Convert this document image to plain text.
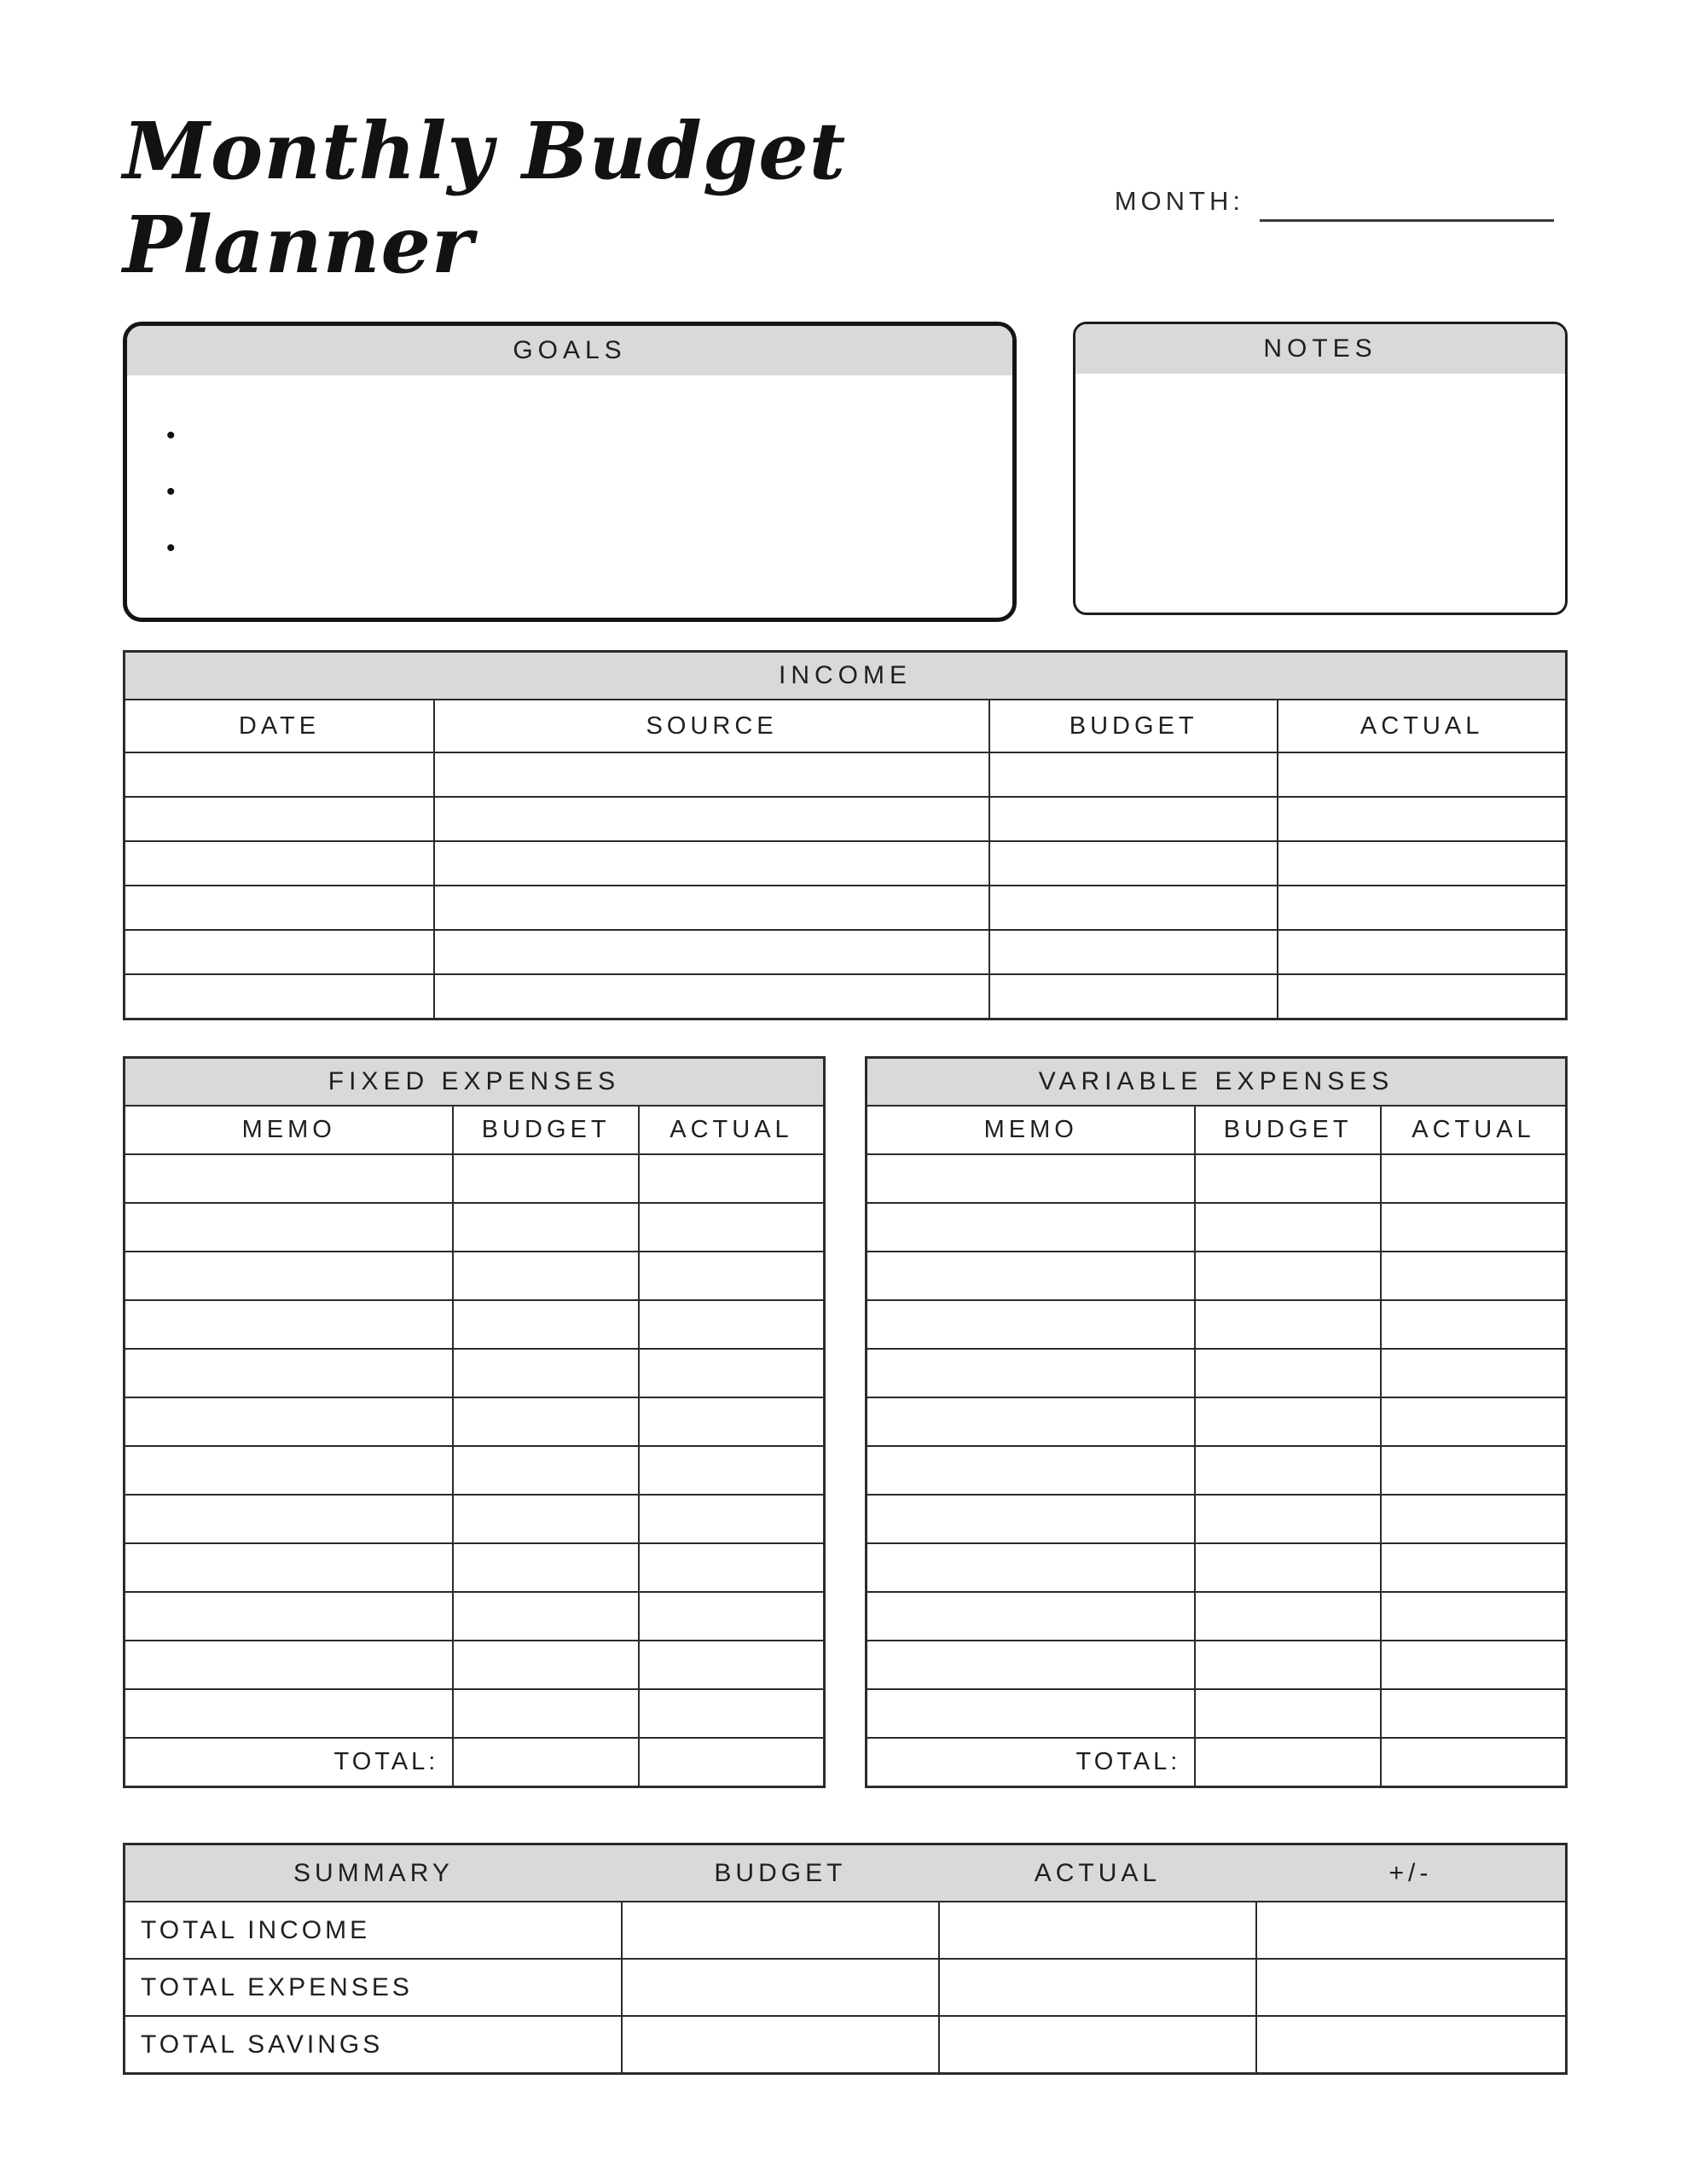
Monthly Budget Planner	MONTH:
GOALS
•
•
•
NOTES
INCOME			
DATE	SOURCE	BUDGET	ACTUAL

FIXED EXPENSES		
MEMO	BUDGET	ACTUAL

TOTAL:		
VARIABLE EXPENSES		
MEMO	BUDGET	ACTUAL

TOTAL:		
SUMMARY	BUDGET	ACTUAL	+/-
TOTAL INCOME			
TOTAL EXPENSES			
TOTAL SAVINGS			
